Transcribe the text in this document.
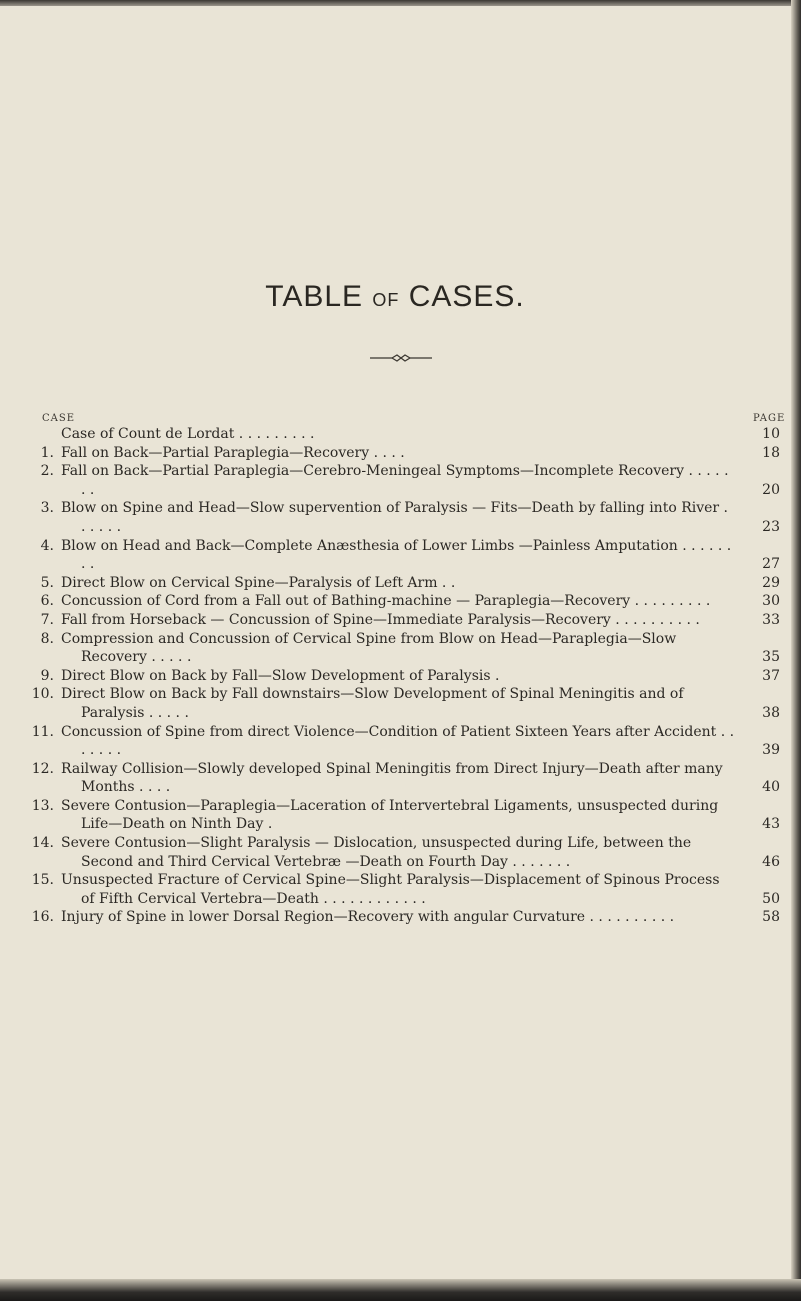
TABLE OF CASES.
CASE	PAGE
Case of Count de Lordat . . . . . . . . .	10
1. Fall on Back—Partial Paraplegia—Recovery . . . .	18
2. Fall on Back—Partial Paraplegia—Cerebro-Meningeal Symptoms—Incomplete Recovery . . . . . . .	20
3. Blow on Spine and Head—Slow supervention of Paralysis — Fits—Death by falling into River . . . . . .	23
4. Blow on Head and Back—Complete Anæsthesia of Lower Limbs —Painless Amputation . . . . . . . .	27
5. Direct Blow on Cervical Spine—Paralysis of Left Arm . .	29
6. Concussion of Cord from a Fall out of Bathing-machine — Paraplegia—Recovery . . . . . . . . .	30
7. Fall from Horseback — Concussion of Spine—Immediate Paralysis—Recovery . . . . . . . . . .	33
8. Compression and Concussion of Cervical Spine from Blow on Head—Paraplegia—Slow Recovery . . . . .	35
9. Direct Blow on Back by Fall—Slow Development of Paralysis .	37
10. Direct Blow on Back by Fall downstairs—Slow Development of Spinal Meningitis and of Paralysis . . . . .	38
11. Concussion of Spine from direct Violence—Condition of Patient Sixteen Years after Accident . . . . . . .	39
12. Railway Collision—Slowly developed Spinal Meningitis from Direct Injury—Death after many Months . . . .	40
13. Severe Contusion—Paraplegia—Laceration of Intervertebral Ligaments, unsuspected during Life—Death on Ninth Day .	43
14. Severe Contusion—Slight Paralysis — Dislocation, unsuspected during Life, between the Second and Third Cervical Vertebræ —Death on Fourth Day . . . . . . .	46
15. Unsuspected Fracture of Cervical Spine—Slight Paralysis—Displacement of Spinous Process of Fifth Cervical Vertebra—Death . . . . . . . . . . . .	50
16. Injury of Spine in lower Dorsal Region—Recovery with angular Curvature . . . . . . . . . .	58
